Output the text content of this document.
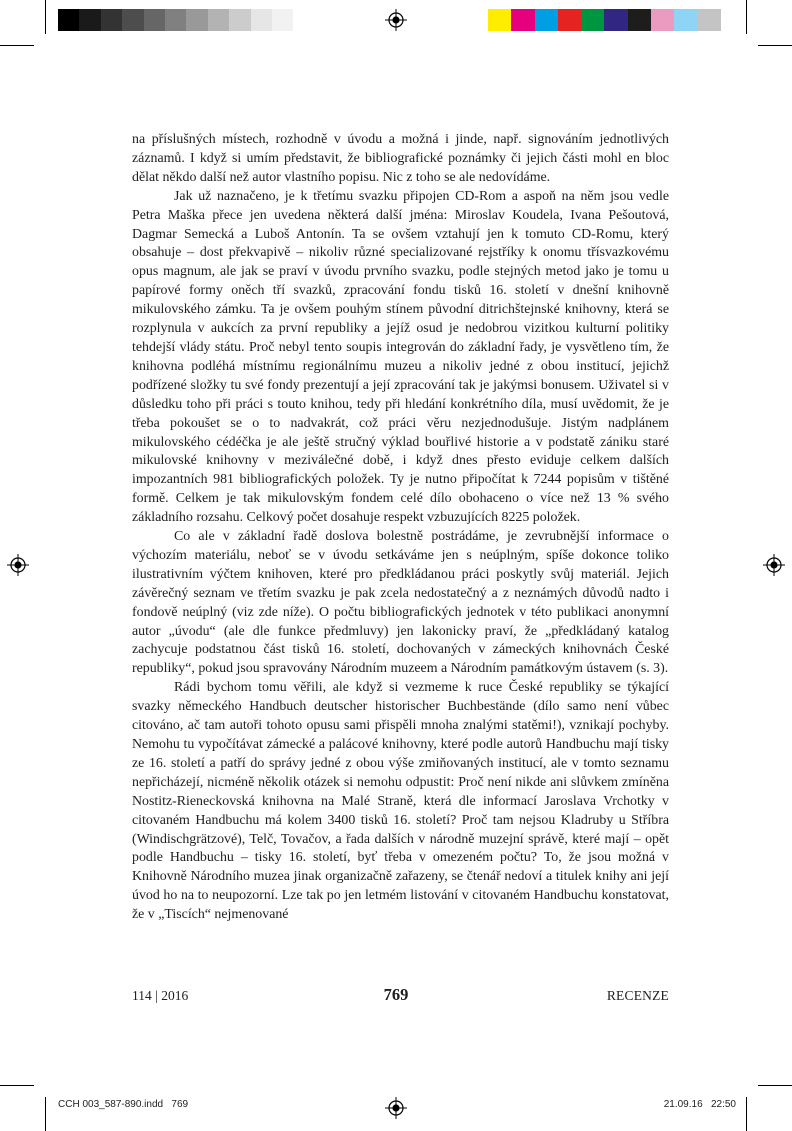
na příslušných místech, rozhodně v úvodu a možná i jinde, např. signováním jednotlivých záznamů. I když si umím představit, že bibliografické poznámky či jejich části mohl en bloc dělat někdo další než autor vlastního popisu. Nic z toho se ale nedovídáme.

Jak už naznačeno, je k třetímu svazku připojen CD-Rom a aspoň na něm jsou vedle Petra Maška přece jen uvedena některá další jména: Miroslav Koudela, Ivana Pešoutová, Dagmar Semecká a Luboš Antonín. Ta se ovšem vztahují jen k tomuto CD-Romu, který obsahuje – dost překvapivě – nikoliv různé specializované rejstříky k onomu třísvazkovému opus magnum, ale jak se praví v úvodu prvního svazku, podle stejných metod jako je tomu u papírové formy oněch tří svazků, zpracování fondu tisků 16. století v dnešní knihovně mikulovského zámku. Ta je ovšem pouhým stínem původní ditrichštejnské knihovny, která se rozplynula v aukcích za první republiky a jejíž osud je nedobrou vizitkou kulturní politiky tehdejší vlády státu. Proč nebyl tento soupis integrován do základní řady, je vysvětleno tím, že knihovna podléhá místnímu regionálnímu muzeu a nikoliv jedné z obou institucí, jejichž podřízené složky tu své fondy prezentují a její zpracování tak je jakýmsi bonusem. Uživatel si v důsledku toho při práci s touto knihou, tedy při hledání konkrétního díla, musí uvědomit, že je třeba pokoušet se o to nadvakrát, což práci věru nezjednodušuje. Jistým nadplánem mikulovského cédéčka je ale ještě stručný výklad bouřlivé historie a v podstatě zániku staré mikulovské knihovny v meziválečné době, i když dnes přesto eviduje celkem dalších impozantních 981 bibliografických položek. Ty je nutno připočítat k 7244 popisům v tištěné formě. Celkem je tak mikulovským fondem celé dílo obohaceno o více než 13 % svého základního rozsahu. Celkový počet dosahuje respekt vzbuzujících 8225 položek.

Co ale v základní řadě doslova bolestně postrádáme, je zevrubnější informace o výchozím materiálu, neboť se v úvodu setkáváme jen s neúplným, spíše dokonce toliko ilustrativním výčtem knihoven, které pro předkládanou práci poskytly svůj materiál. Jejich závěrečný seznam ve třetím svazku je pak zcela nedostatečný a z neznámých důvodů nadto i fondově neúplný (viz zde níže). O počtu bibliografických jednotek v této publikaci anonymní autor „úvodu“ (ale dle funkce předmluvy) jen lakonicky praví, že „předkládaný katalog zachycuje podstatnou část tisků 16. století, dochovaných v zámeckých knihovnách České republiky“, pokud jsou spravovány Národním muzeem a Národním památkovým ústavem (s. 3).

Rádi bychom tomu věřili, ale když si vezmeme k ruce České republiky se týkající svazky německého Handbuch deutscher historischer Buchbestände (dílo samo není vůbec citováno, ač tam autoři tohoto opusu sami přispěli mnoha znalými statěmi!), vznikají pochyby. Nemohu tu vypočítávat zámecké a palácové knihovny, které podle autorů Handbuchu mají tisky ze 16. století a patří do správy jedné z obou výše zmiňovaných institucí, ale v tomto seznamu nepřicházejí, nicméně několik otázek si nemohu odpustit: Proč není nikde ani slůvkem zmíněna Nostitz-Rieneckovská knihovna na Malé Straně, která dle informací Jaroslava Vrchotky v citovaném Handbuchu má kolem 3400 tisků 16. století? Proč tam nejsou Kladruby u Stříbra (Windischgrätzové), Telč, Tovačov, a řada dalších v národně muzejní správě, které mají – opět podle Handbuchu – tisky 16. století, byť třeba v omezeném počtu? To, že jsou možná v Knihovně Národního muzea jinak organizačně zařazeny, se čtenář nedoví a titulek knihy ani její úvod ho na to neupozorní. Lze tak po jen letmém listování v citovaném Handbuchu konstatovat, že v „Tiscích“ nejmenované

114 | 2016	769	RECENZE
CCH 003_587-890.indd   769	21.09.16   22:50
